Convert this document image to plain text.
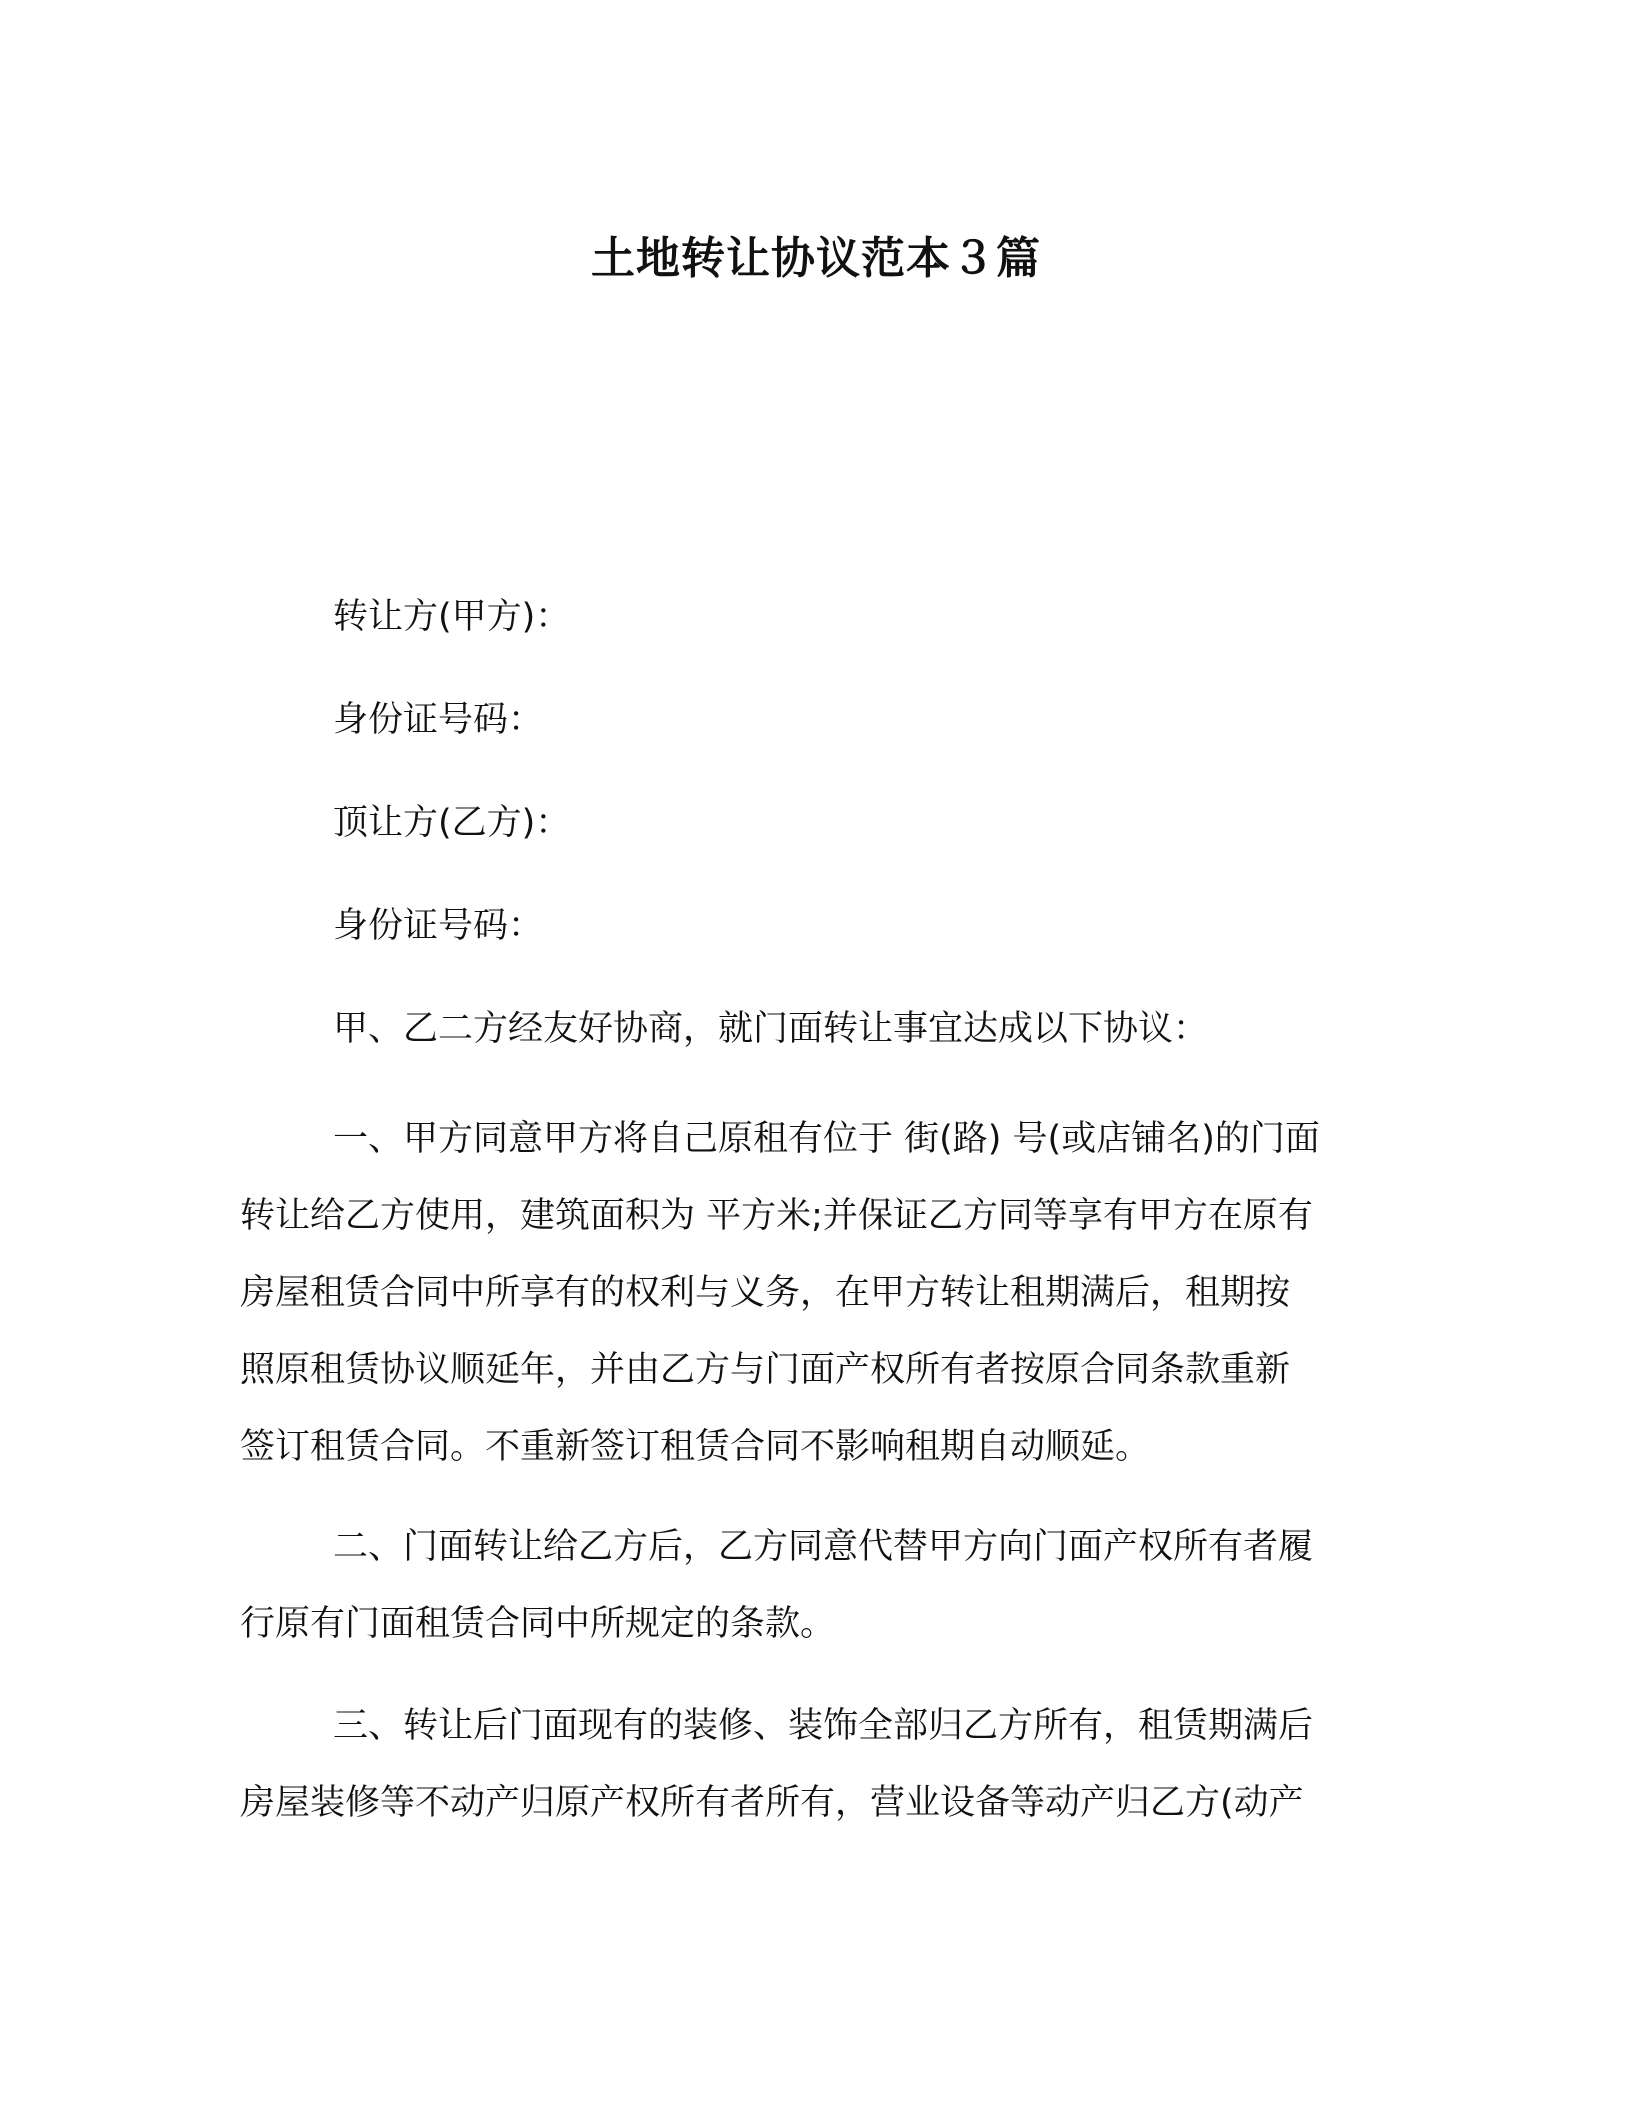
土地转让协议范本３篇
转让方(甲方)：
身份证号码：
顶让方(乙方)：
身份证号码：
甲、乙二方经友好协商，就门面转让事宜达成以下协议：
一、甲方同意甲方将自己原租有位于 街(路) 号(或店铺名)的门面
转让给乙方使用，建筑面积为 平方米;并保证乙方同等享有甲方在原有
房屋租赁合同中所享有的权利与义务，在甲方转让租期满后，租期按
照原租赁协议顺延年，并由乙方与门面产权所有者按原合同条款重新
签订租赁合同。不重新签订租赁合同不影响租期自动顺延。
二、门面转让给乙方后，乙方同意代替甲方向门面产权所有者履
行原有门面租赁合同中所规定的条款。
三、转让后门面现有的装修、装饰全部归乙方所有，租赁期满后
房屋装修等不动产归原产权所有者所有，营业设备等动产归乙方(动产
